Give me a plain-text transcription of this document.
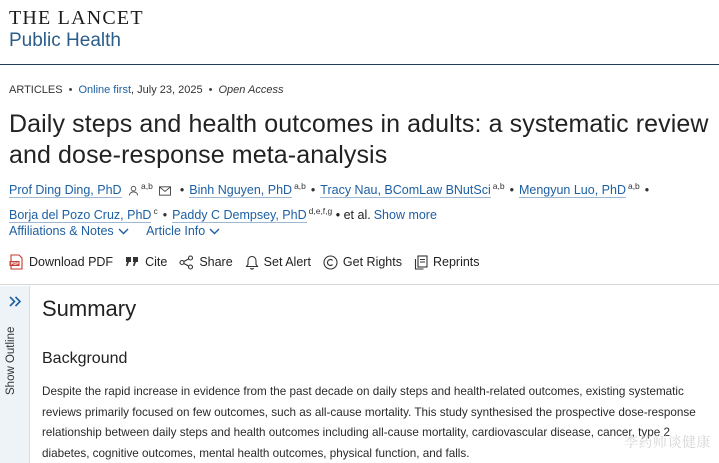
THE LANCET
Public Health
ARTICLES • Online first, July 23, 2025 • Open Access
Daily steps and health outcomes in adults: a systematic review and dose-response meta-analysis
Prof Ding Ding, PhD $^{a,b}$ • Binh Nguyen, PhD $^{a,b}$ • Tracy Nau, BComLaw BNutSci $^{a,b}$ • Mengyun Luo, PhD $^{a,b}$ •
Borja del Pozo Cruz, PhD $^c$ • Paddy C Dempsey, PhD $^{d,e,f,g}$ • et al. Show more
Affiliations & Notes
	Article Info
PDF Download PDF	Cite	Share Set Alert	Get Rights Reprints
Show Outline
Summary
Background

Despite the rapid increase in evidence from the past decade on daily steps and health-related outcomes, existing systematic reviews primarily focused on few outcomes, such as all-cause mortality. This study synthesised the prospective dose-response relationship between daily steps and health outcomes including all-cause mortality, cardiovascular disease, cancer, type 2 diabetes, cognitive outcomes, mental health outcomes, physical function, and falls.

李药师谈健康
